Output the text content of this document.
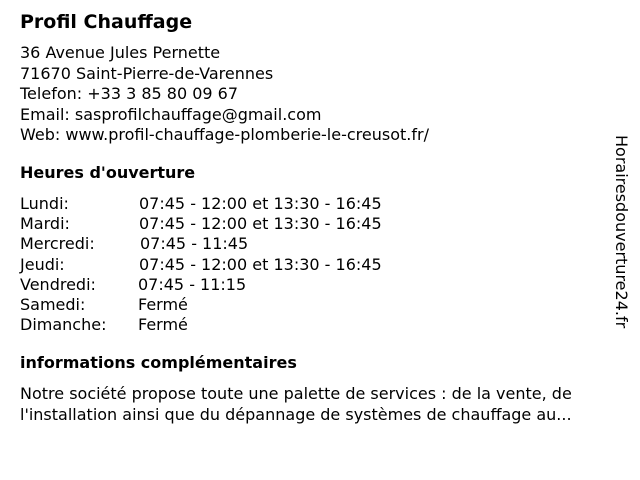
Profil Chauffage
36 Avenue Jules Pernette
71670 Saint-Pierre-de-Varennes
Telefon: +33 3 85 80 09 67
Email: sasprofilchauffage@gmail.com
Web: www.profil-chauffage-plomberie-le-creusot.fr/
Heures d'ouverture
Lundi:	07:45 - 12:00 et 13:30 - 16:45
Mardi:	07:45 - 12:00 et 13:30 - 16:45
Mercredi:	07:45 - 11:45
Jeudi:	07:45 - 12:00 et 13:30 - 16:45
Vendredi:	07:45 - 11:15
Samedi:	Fermé
Dimanche: Fermé
informations complémentaires
Notre société propose toute une palette de services : de la vente, de
l'installation ainsi que du dépannage de systèmes de chauffage au...
Horairesdouverture24.fr
